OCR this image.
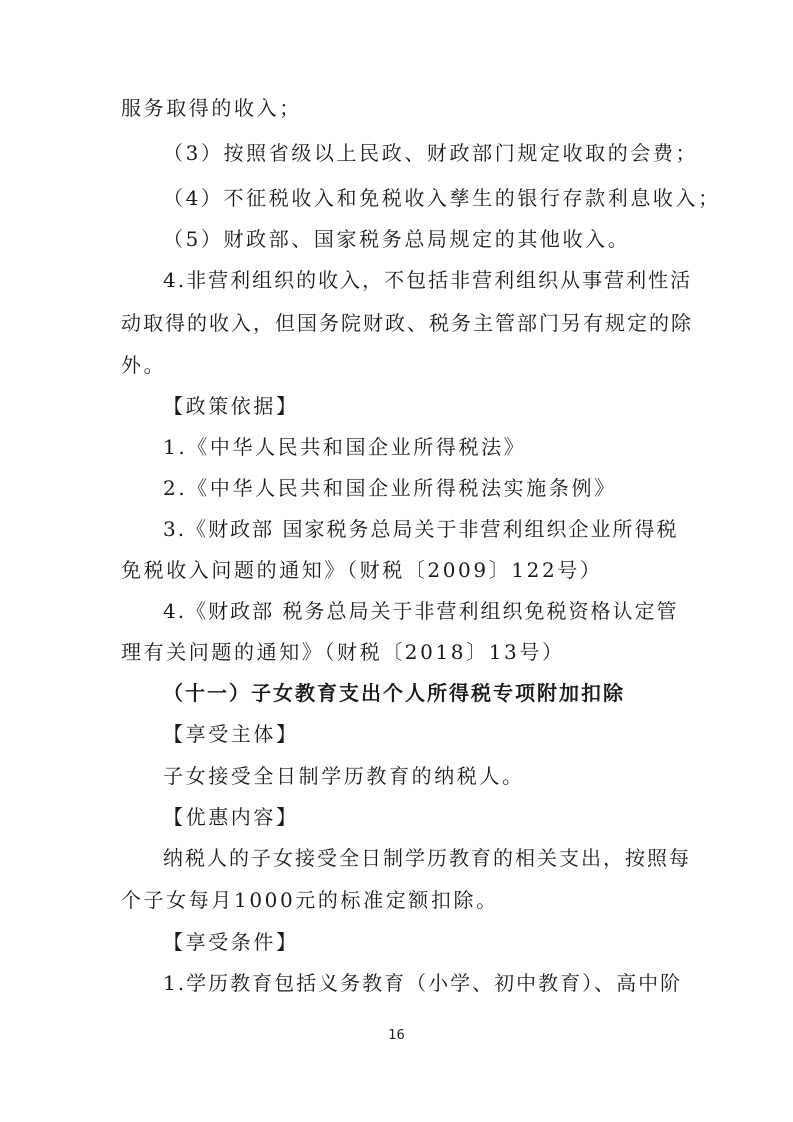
服务取得的收入；
（3）按照省级以上民政、财政部门规定收取的会费；
（4）不征税收入和免税收入孳生的银行存款利息收入；
（5）财政部、国家税务总局规定的其他收入。
4.非营利组织的收入，不包括非营利组织从事营利性活
动取得的收入，但国务院财政、税务主管部门另有规定的除
外。
【政策依据】
1.《中华人民共和国企业所得税法》
2.《中华人民共和国企业所得税法实施条例》
3.《财政部 国家税务总局关于非营利组织企业所得税
免税收入问题的通知》（财税〔2009〕122号）
4.《财政部 税务总局关于非营利组织免税资格认定管
理有关问题的通知》（财税〔2018〕13号）
（十一）子女教育支出个人所得税专项附加扣除
【享受主体】
子女接受全日制学历教育的纳税人。
【优惠内容】
纳税人的子女接受全日制学历教育的相关支出，按照每
个子女每月1000元的标准定额扣除。
【享受条件】
1.学历教育包括义务教育（小学、初中教育）、高中阶
16
